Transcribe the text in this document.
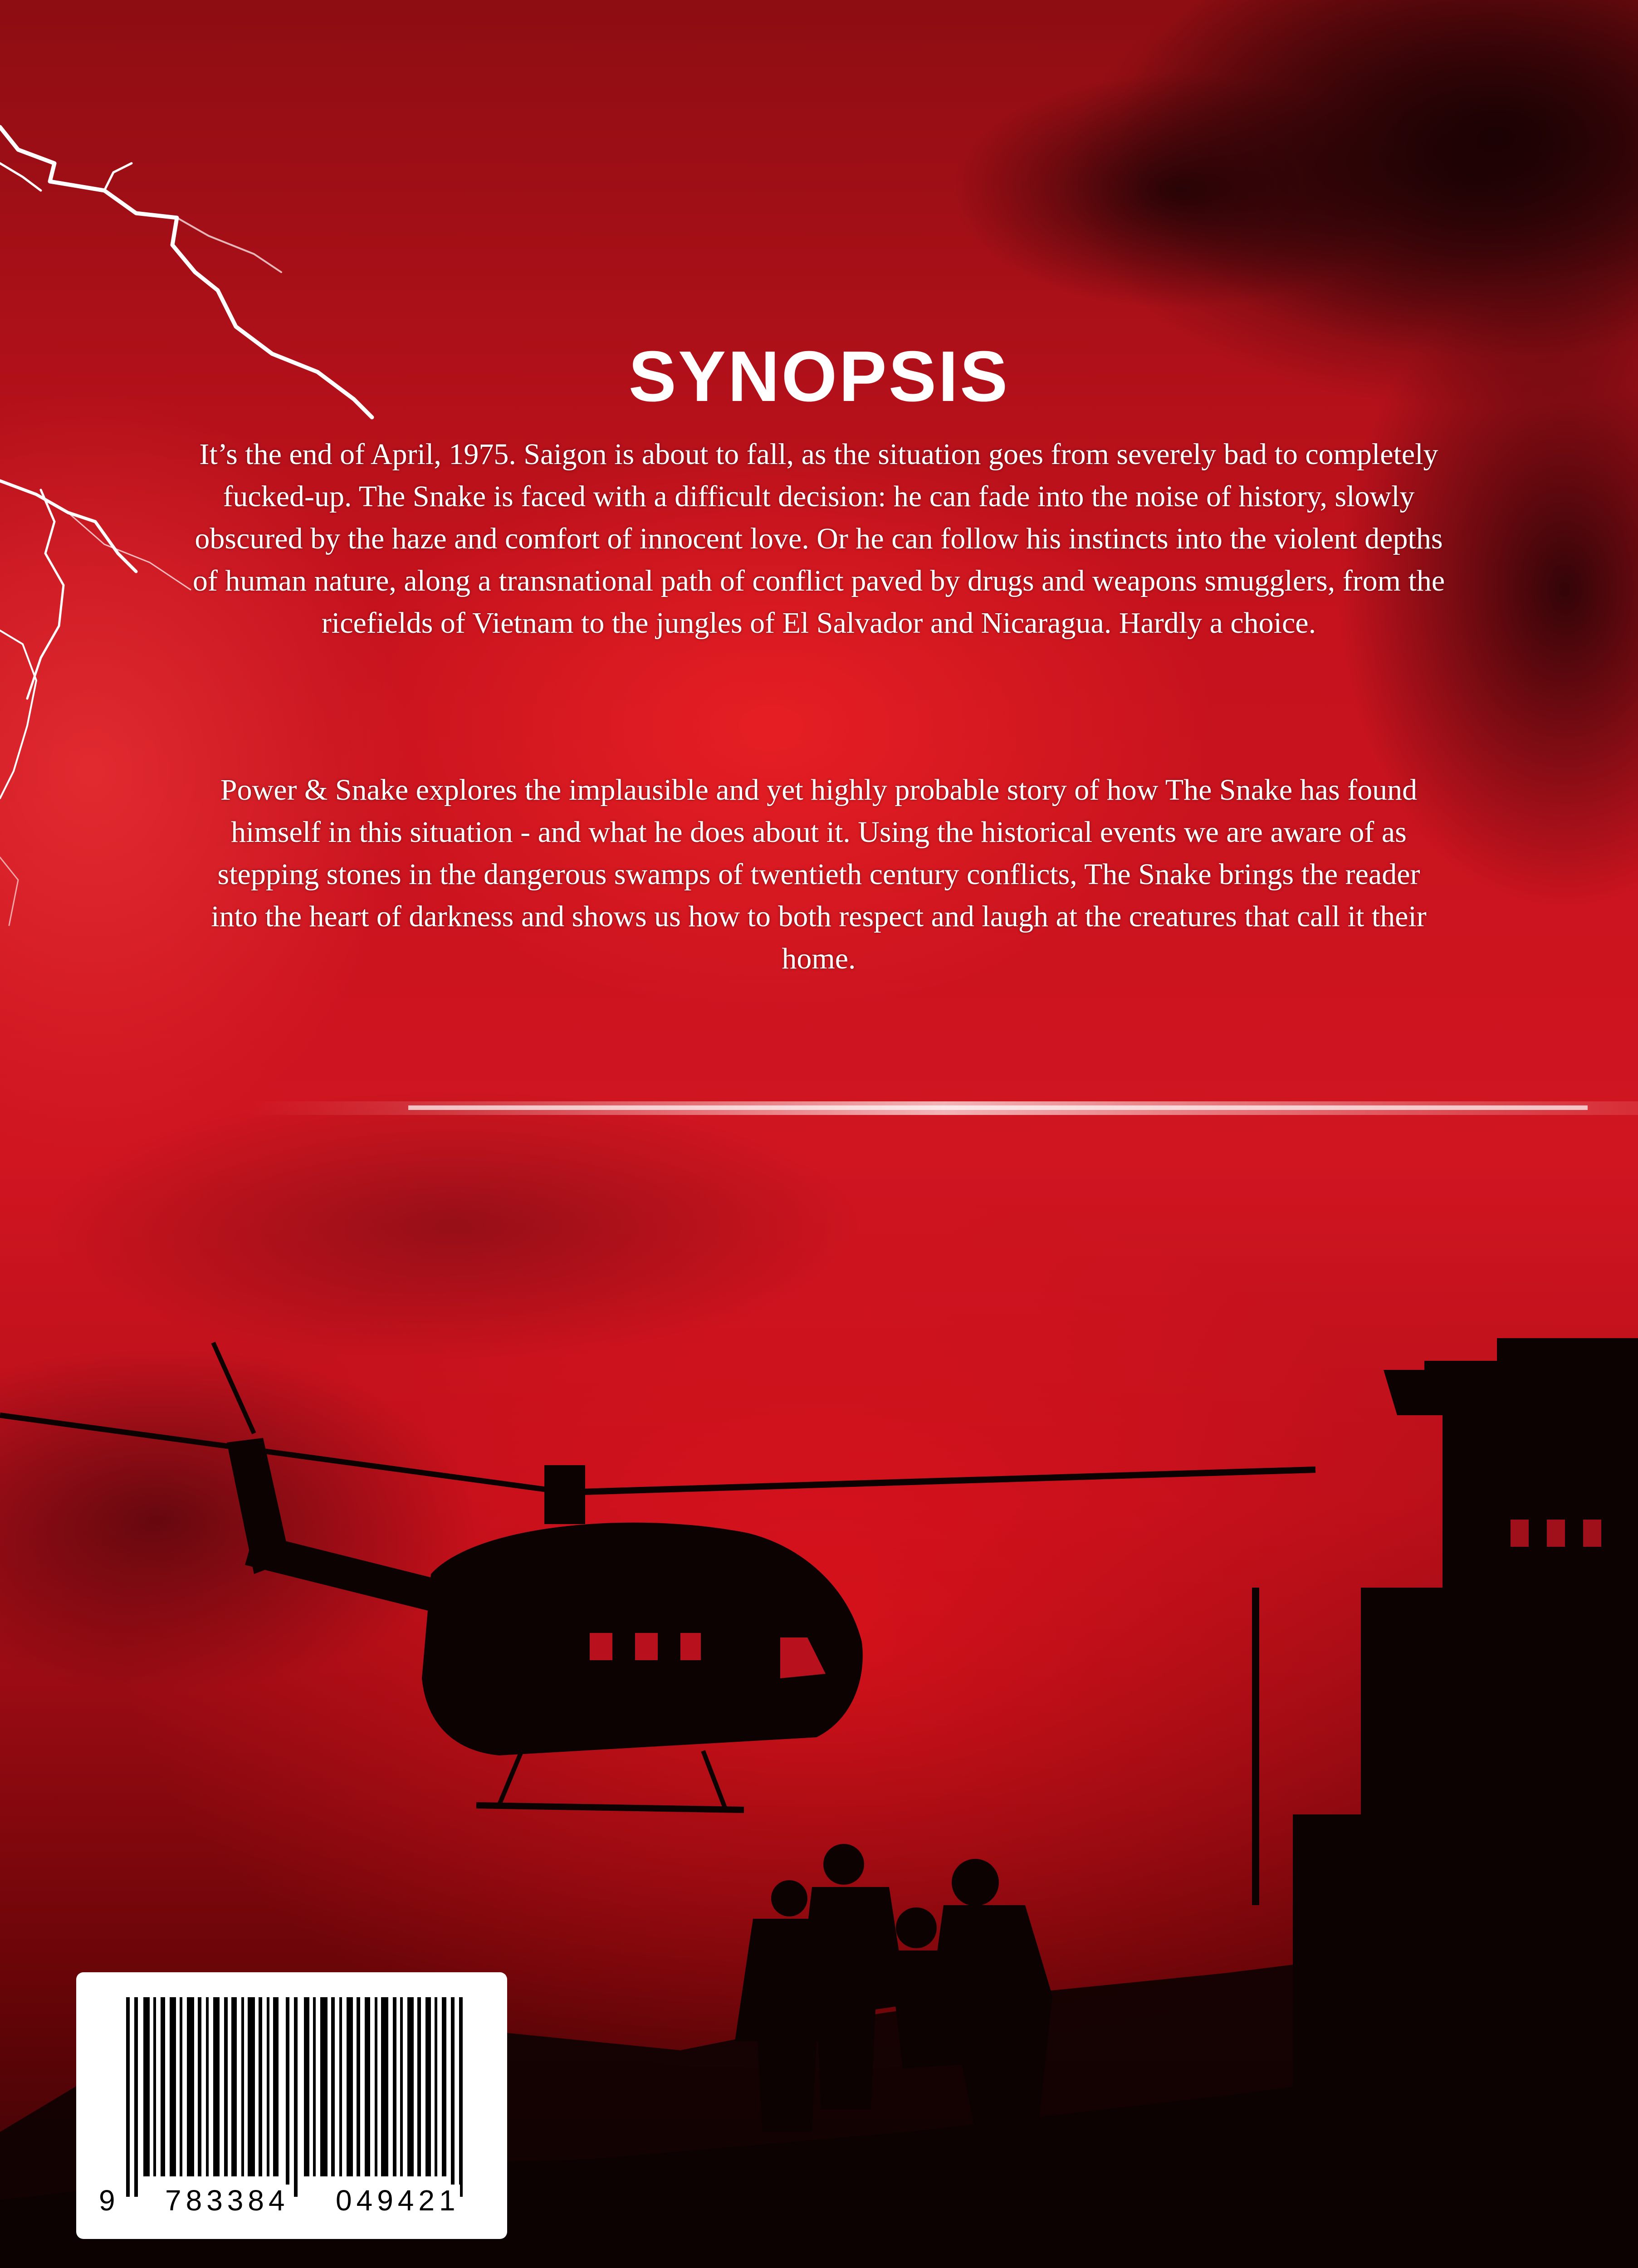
SYNOPSIS

It’s the end of April, 1975. Saigon is about to fall, as the situation goes from severely bad to completely fucked-up. The Snake is faced with a difficult decision: he can fade into the noise of history, slowly obscured by the haze and comfort of innocent love. Or he can follow his instincts into the violent depths of human nature, along a transnational path of conflict paved by drugs and weapons smugglers, from the ricefields of Vietnam to the jungles of El Salvador and Nicaragua. Hardly a choice.

Power & Snake explores the implausible and yet highly probable story of how The Snake has found himself in this situation - and what he does about it. Using the historical events we are aware of as stepping stones in the dangerous swamps of twentieth century conflicts, The Snake brings the reader into the heart of darkness and shows us how to both respect and laugh at the creatures that call it their home.

9 783384 049421
